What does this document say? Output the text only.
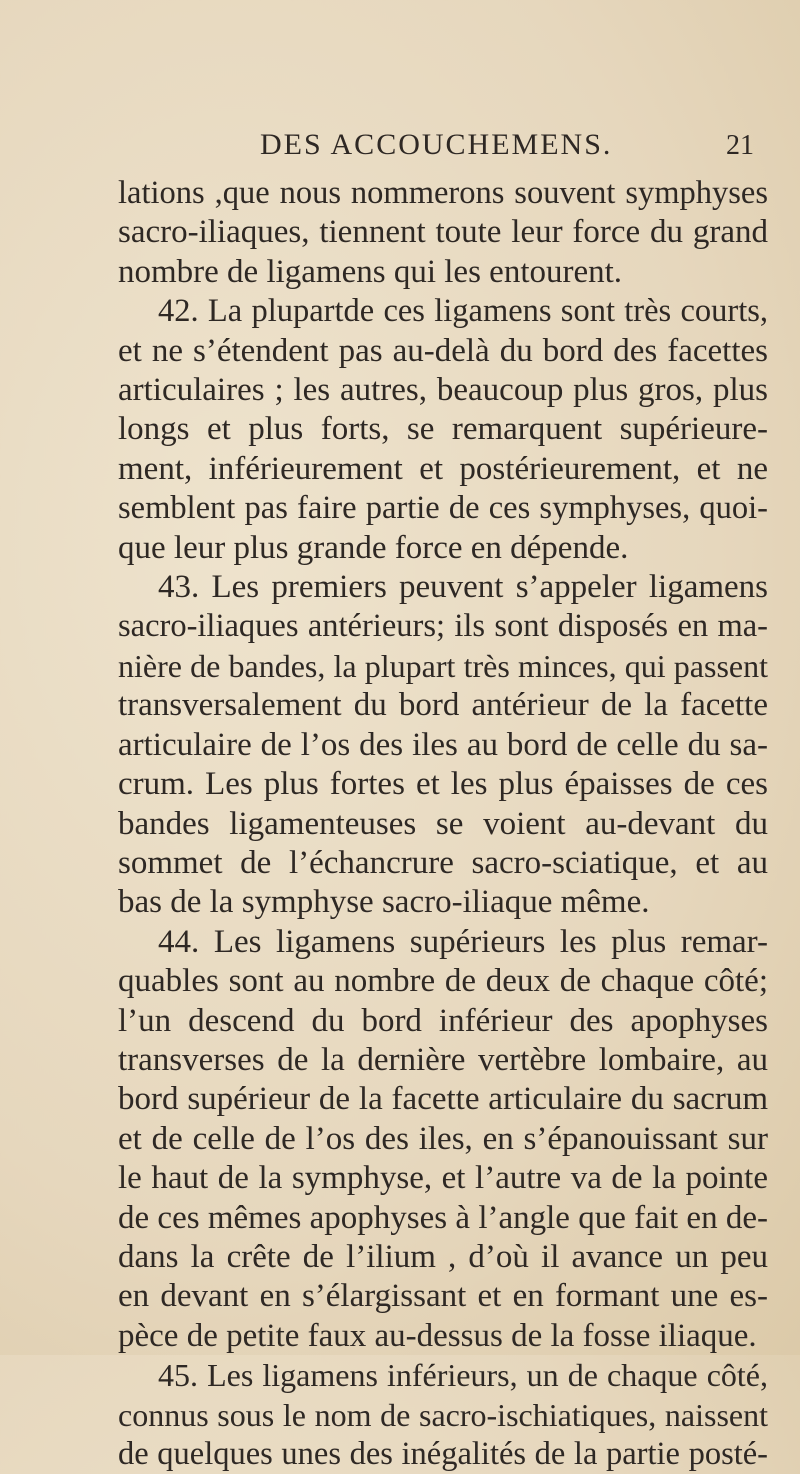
DES ACCOUCHEMENS.	21
lations ,que nous nommerons souvent symphyses
sacro-iliaques, tiennent toute leur force du grand
nombre de ligamens qui les entourent.
42. La plupartde ces ligamens sont très courts,
et ne s’étendent pas au-delà du bord des facettes
articulaires ; les autres, beaucoup plus gros, plus
longs et plus forts, se remarquent supérieure-
ment, inférieurement et postérieurement, et ne
semblent pas faire partie de ces symphyses, quoi-
que leur plus grande force en dépende.
43. Les premiers peuvent s’appeler ligamens
sacro-iliaques antérieurs; ils sont disposés en ma-
nière de bandes, la plupart très minces, qui passent
transversalement du bord antérieur de la facette
articulaire de l’os des iles au bord de celle du sa-
crum. Les plus fortes et les plus épaisses de ces
bandes ligamenteuses se voient au-devant du
sommet de l’échancrure sacro-sciatique, et au
bas de la symphyse sacro-iliaque même.
44. Les ligamens supérieurs les plus remar-
quables sont au nombre de deux de chaque côté;
l’un descend du bord inférieur des apophyses
transverses de la dernière vertèbre lombaire, au
bord supérieur de la facette articulaire du sacrum
et de celle de l’os des iles, en s’épanouissant sur
le haut de la symphyse, et l’autre va de la pointe
de ces mêmes apophyses à l’angle que fait en de-
dans la crête de l’ilium , d’où il avance un peu
en devant en s’élargissant et en formant une es-
pèce de petite faux au-dessus de la fosse iliaque.
45. Les ligamens inférieurs, un de chaque côté,
connus sous le nom de sacro-ischiatiques, naissent
de quelques unes des inégalités de la partie posté-
